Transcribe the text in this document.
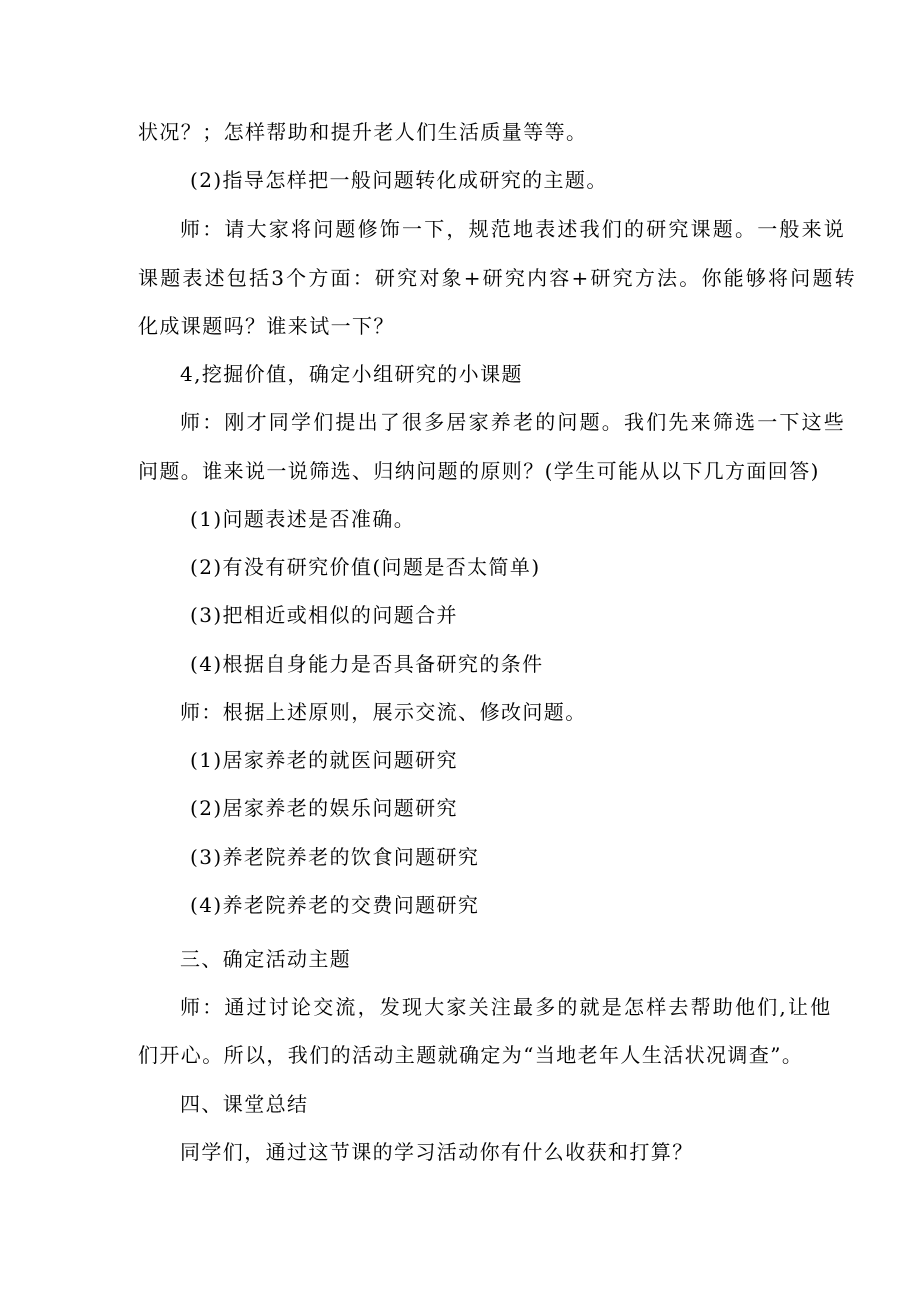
状况？；怎样帮助和提升老人们生活质量等等。
(2)指导怎样把一般问题转化成研究的主题。
师：请大家将问题修饰一下，规范地表述我们的研究课题。一般来说
课题表述包括3个方面：研究对象+研究内容+研究方法。你能够将问题转
化成课题吗？谁来试一下？
4,挖掘价值，确定小组研究的小课题
师：刚才同学们提出了很多居家养老的问题。我们先来筛选一下这些
问题。谁来说一说筛选、归纳问题的原则？(学生可能从以下几方面回答)
(1)问题表述是否准确。
(2)有没有研究价值(问题是否太简单)
(3)把相近或相似的问题合并
(4)根据自身能力是否具备研究的条件
师：根据上述原则，展示交流、修改问题。
(1)居家养老的就医问题研究
(2)居家养老的娱乐问题研究
(3)养老院养老的饮食问题研究
(4)养老院养老的交费问题研究
三、确定活动主题
师：通过讨论交流，发现大家关注最多的就是怎样去帮助他们,让他
们开心。所以，我们的活动主题就确定为“当地老年人生活状况调查”。
四、课堂总结
同学们，通过这节课的学习活动你有什么收获和打算？
